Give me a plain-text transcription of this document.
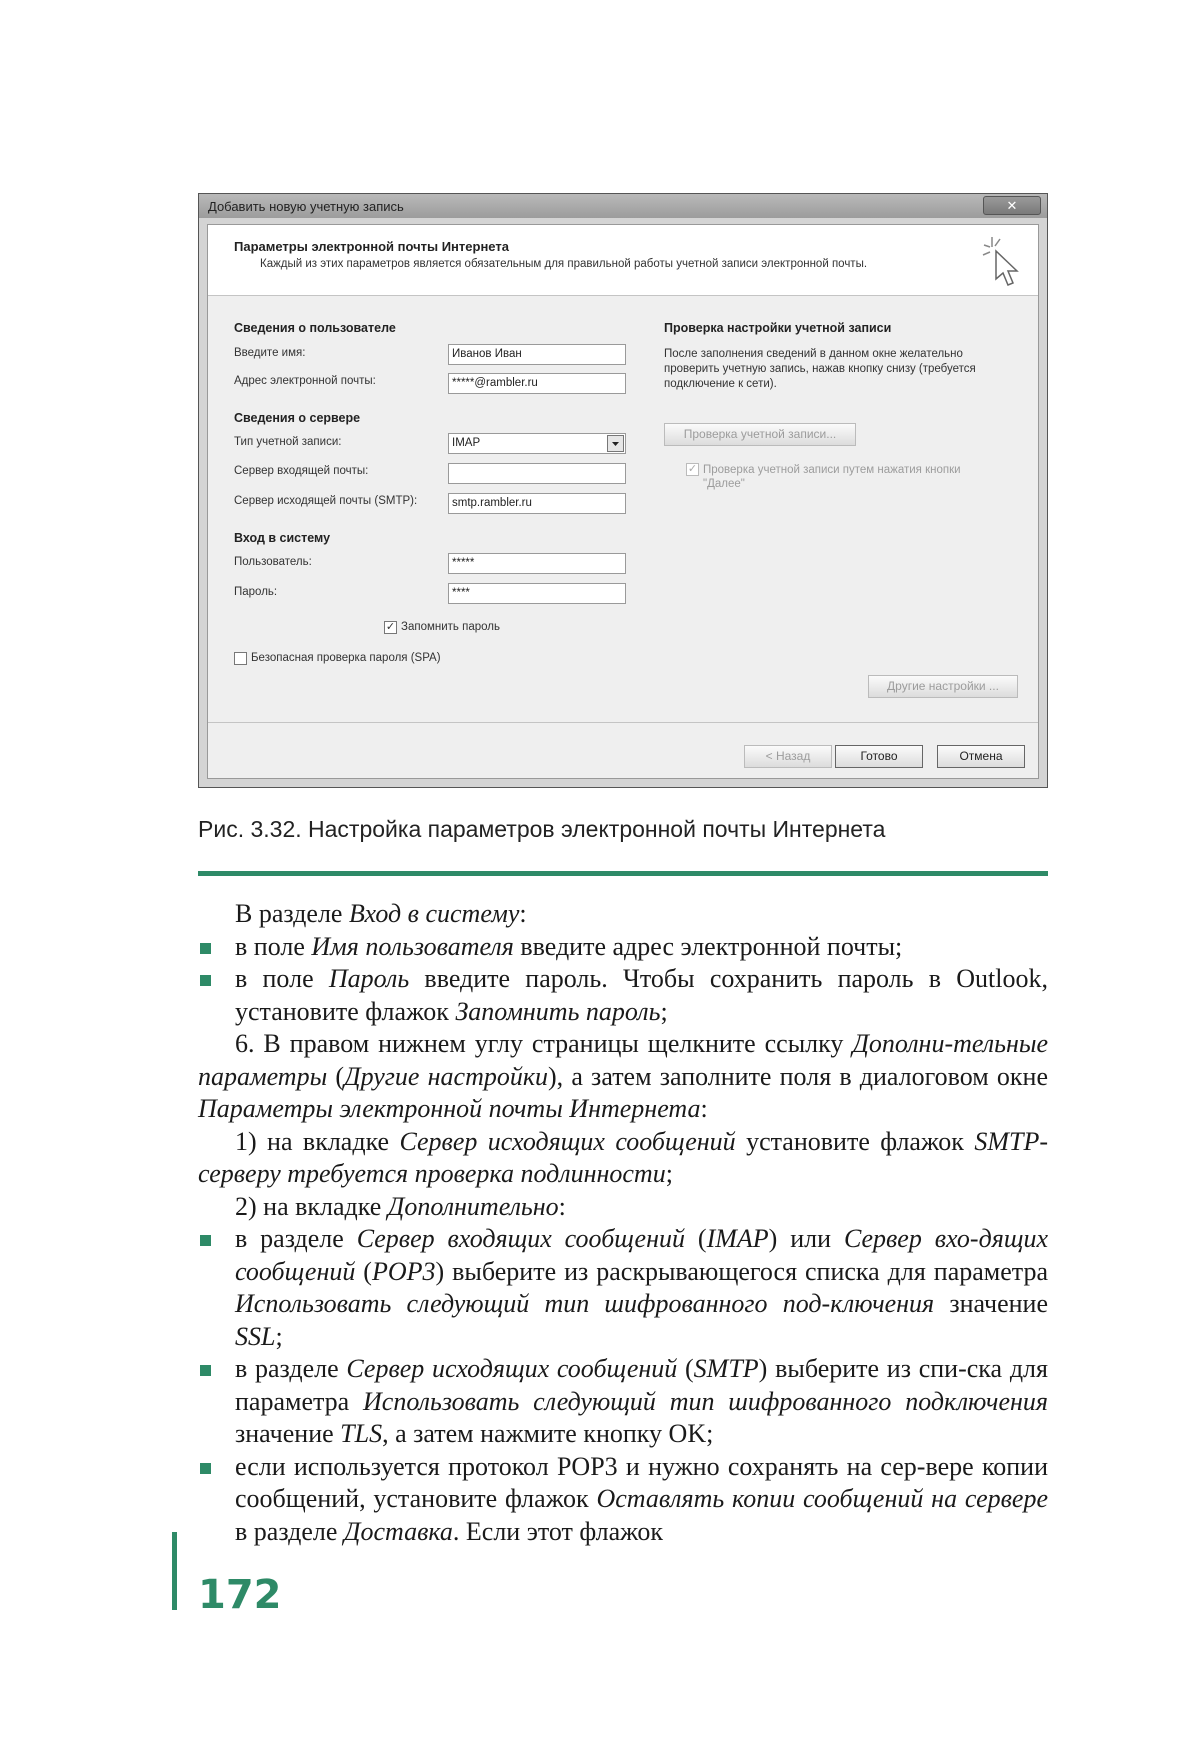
Добавить новую учетную запись	✕
Параметры электронной почты Интернета
Каждый из этих параметров является обязательным для правильной работы учетной записи электронной почты.
Сведения о пользователе
Введите имя:	Иванов Иван
Адрес электронной почты:	*****@rambler.ru
Сведения о сервере
Тип учетной записи:	IMAP
Сервер входящей почты:
Сервер исходящей почты (SMTP):	smtp.rambler.ru
Вход в систему
Пользователь:	*****
Пароль:	****
✓ Запомнить пароль
Безопасная проверка пароля (SPA)
Проверка настройки учетной записи
После заполнения сведений в данном окне желательно проверить учетную запись, нажав кнопку снизу (требуется подключение к сети).
Проверка учетной записи...
✓ Проверка учетной записи путем нажатия кнопки "Далее"
Другие настройки ...
< Назад	Готово	Отмена
Рис. 3.32. Настройка параметров электронной почты Интернета

В разделе Вход в систему:

в поле Имя пользователя введите адрес электронной почты;

в поле Пароль введите пароль. Чтобы сохранить пароль в Outlook, установите флажок Запомнить пароль;

6. В правом нижнем углу страницы щелкните ссылку Дополни-тельные параметры (Другие настройки), а затем заполните поля в диалоговом окне Параметры электронной почты Интернета:

1) на вкладке Сервер исходящих сообщений установите флажок SMTP-серверу требуется проверка подлинности;

2) на вкладке Дополнительно:

в разделе Сервер входящих сообщений (IMAP) или Сервер вхо-дящих сообщений (POP3) выберите из раскрывающегося списка для параметра Использовать следующий тип шифрованного под-ключения значение SSL;

в разделе Сервер исходящих сообщений (SMTP) выберите из спи-ска для параметра Использовать следующий тип шифрованного подключения значение TLS, а затем нажмите кнопку OK;

если используется протокол POP3 и нужно сохранять на сер-вере копии сообщений, установите флажок Оставлять копии сообщений на сервере в разделе Доставка. Если этот флажок

172
